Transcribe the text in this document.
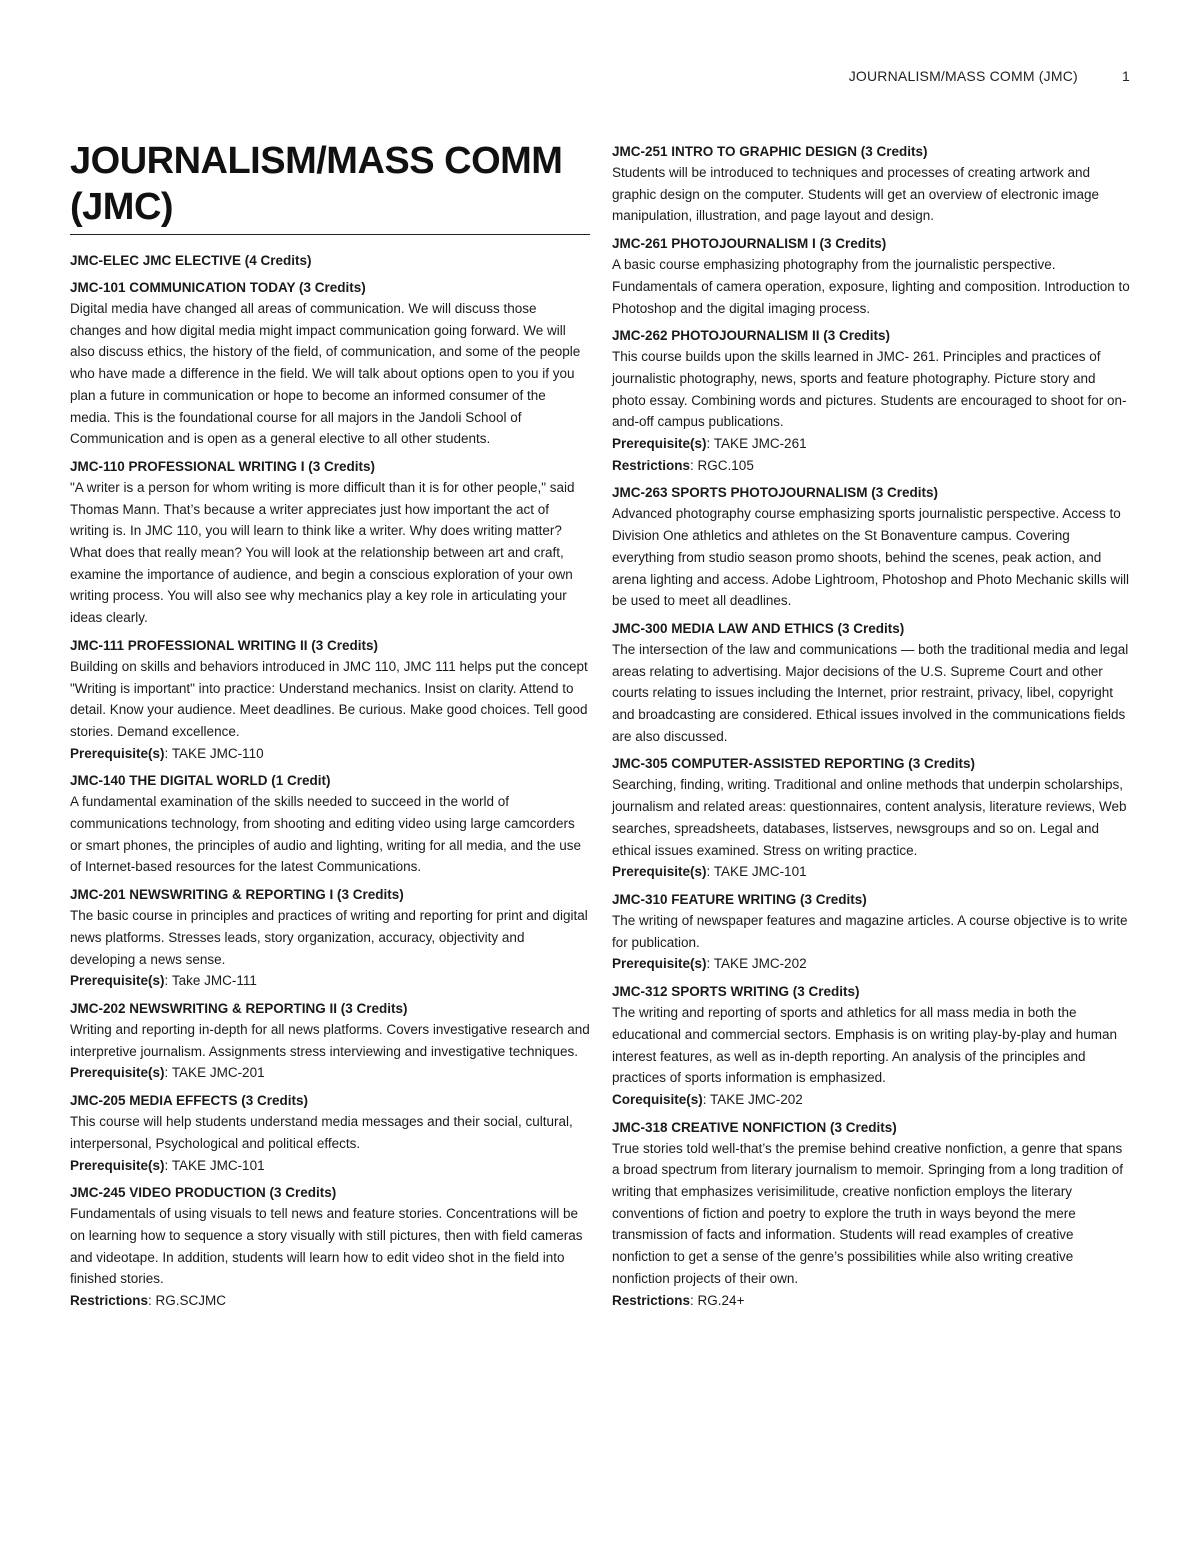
JOURNALISM/MASS COMM (JMC)	1
JOURNALISM/MASS COMM
(JMC)
JMC-ELEC JMC ELECTIVE (4 Credits)
JMC-101 COMMUNICATION TODAY (3 Credits)

Digital media have changed all areas of communication. We will discuss those changes and how digital media might impact communication going forward. We will also discuss ethics, the history of the field, of communication, and some of the people who have made a difference in the field. We will talk about options open to you if you plan a future in communication or hope to become an informed consumer of the media. This is the foundational course for all majors in the Jandoli School of Communication and is open as a general elective to all other students.

JMC-110 PROFESSIONAL WRITING I (3 Credits)

"A writer is a person for whom writing is more difficult than it is for other people," said Thomas Mann. That’s because a writer appreciates just how important the act of writing is. In JMC 110, you will learn to think like a writer. Why does writing matter? What does that really mean? You will look at the relationship between art and craft, examine the importance of audience, and begin a conscious exploration of your own writing process. You will also see why mechanics play a key role in articulating your ideas clearly.

JMC-111 PROFESSIONAL WRITING II (3 Credits)

Building on skills and behaviors introduced in JMC 110, JMC 111 helps put the concept "Writing is important" into practice: Understand mechanics. Insist on clarity. Attend to detail. Know your audience. Meet deadlines. Be curious. Make good choices. Tell good stories. Demand excellence.

Prerequisite(s): TAKE JMC-110
JMC-140 THE DIGITAL WORLD (1 Credit)

A fundamental examination of the skills needed to succeed in the world of communications technology, from shooting and editing video using large camcorders or smart phones, the principles of audio and lighting, writing for all media, and the use of Internet-based resources for the latest Communications.

JMC-201 NEWSWRITING & REPORTING I (3 Credits)

The basic course in principles and practices of writing and reporting for print and digital news platforms. Stresses leads, story organization, accuracy, objectivity and developing a news sense.

Prerequisite(s): Take JMC-111
JMC-202 NEWSWRITING & REPORTING II (3 Credits)

Writing and reporting in-depth for all news platforms. Covers investigative research and interpretive journalism. Assignments stress interviewing and investigative techniques.

Prerequisite(s): TAKE JMC-201
JMC-205 MEDIA EFFECTS (3 Credits)

This course will help students understand media messages and their social, cultural, interpersonal, Psychological and political effects.

Prerequisite(s): TAKE JMC-101
JMC-245 VIDEO PRODUCTION (3 Credits)

Fundamentals of using visuals to tell news and feature stories. Concentrations will be on learning how to sequence a story visually with still pictures, then with field cameras and videotape. In addition, students will learn how to edit video shot in the field into finished stories.

Restrictions: RG.SCJMC
JMC-251 INTRO TO GRAPHIC DESIGN (3 Credits)

Students will be introduced to techniques and processes of creating artwork and graphic design on the computer. Students will get an overview of electronic image manipulation, illustration, and page layout and design.

JMC-261 PHOTOJOURNALISM I (3 Credits)

A basic course emphasizing photography from the journalistic perspective. Fundamentals of camera operation, exposure, lighting and composition. Introduction to Photoshop and the digital imaging process.

JMC-262 PHOTOJOURNALISM II (3 Credits)

This course builds upon the skills learned in JMC- 261. Principles and practices of journalistic photography, news, sports and feature photography. Picture story and photo essay. Combining words and pictures. Students are encouraged to shoot for on-and-off campus publications.

Prerequisite(s): TAKE JMC-261
Restrictions: RGC.105
JMC-263 SPORTS PHOTOJOURNALISM (3 Credits)

Advanced photography course emphasizing sports journalistic perspective. Access to Division One athletics and athletes on the St Bonaventure campus. Covering everything from studio season promo shoots, behind the scenes, peak action, and arena lighting and access. Adobe Lightroom, Photoshop and Photo Mechanic skills will be used to meet all deadlines.

JMC-300 MEDIA LAW AND ETHICS (3 Credits)

The intersection of the law and communications — both the traditional media and legal areas relating to advertising. Major decisions of the U.S. Supreme Court and other courts relating to issues including the Internet, prior restraint, privacy, libel, copyright and broadcasting are considered. Ethical issues involved in the communications fields are also discussed.

JMC-305 COMPUTER-ASSISTED REPORTING (3 Credits)

Searching, finding, writing. Traditional and online methods that underpin scholarships, journalism and related areas: questionnaires, content analysis, literature reviews, Web searches, spreadsheets, databases, listserves, newsgroups and so on. Legal and ethical issues examined. Stress on writing practice.

Prerequisite(s): TAKE JMC-101
JMC-310 FEATURE WRITING (3 Credits)

The writing of newspaper features and magazine articles. A course objective is to write for publication.

Prerequisite(s): TAKE JMC-202
JMC-312 SPORTS WRITING (3 Credits)

The writing and reporting of sports and athletics for all mass media in both the educational and commercial sectors. Emphasis is on writing play-by-play and human interest features, as well as in-depth reporting. An analysis of the principles and practices of sports information is emphasized.

Corequisite(s): TAKE JMC-202
JMC-318 CREATIVE NONFICTION (3 Credits)

True stories told well-that’s the premise behind creative nonfiction, a genre that spans a broad spectrum from literary journalism to memoir. Springing from a long tradition of writing that emphasizes verisimilitude, creative nonfiction employs the literary conventions of fiction and poetry to explore the truth in ways beyond the mere transmission of facts and information. Students will read examples of creative nonfiction to get a sense of the genre’s possibilities while also writing creative nonfiction projects of their own.

Restrictions: RG.24+
